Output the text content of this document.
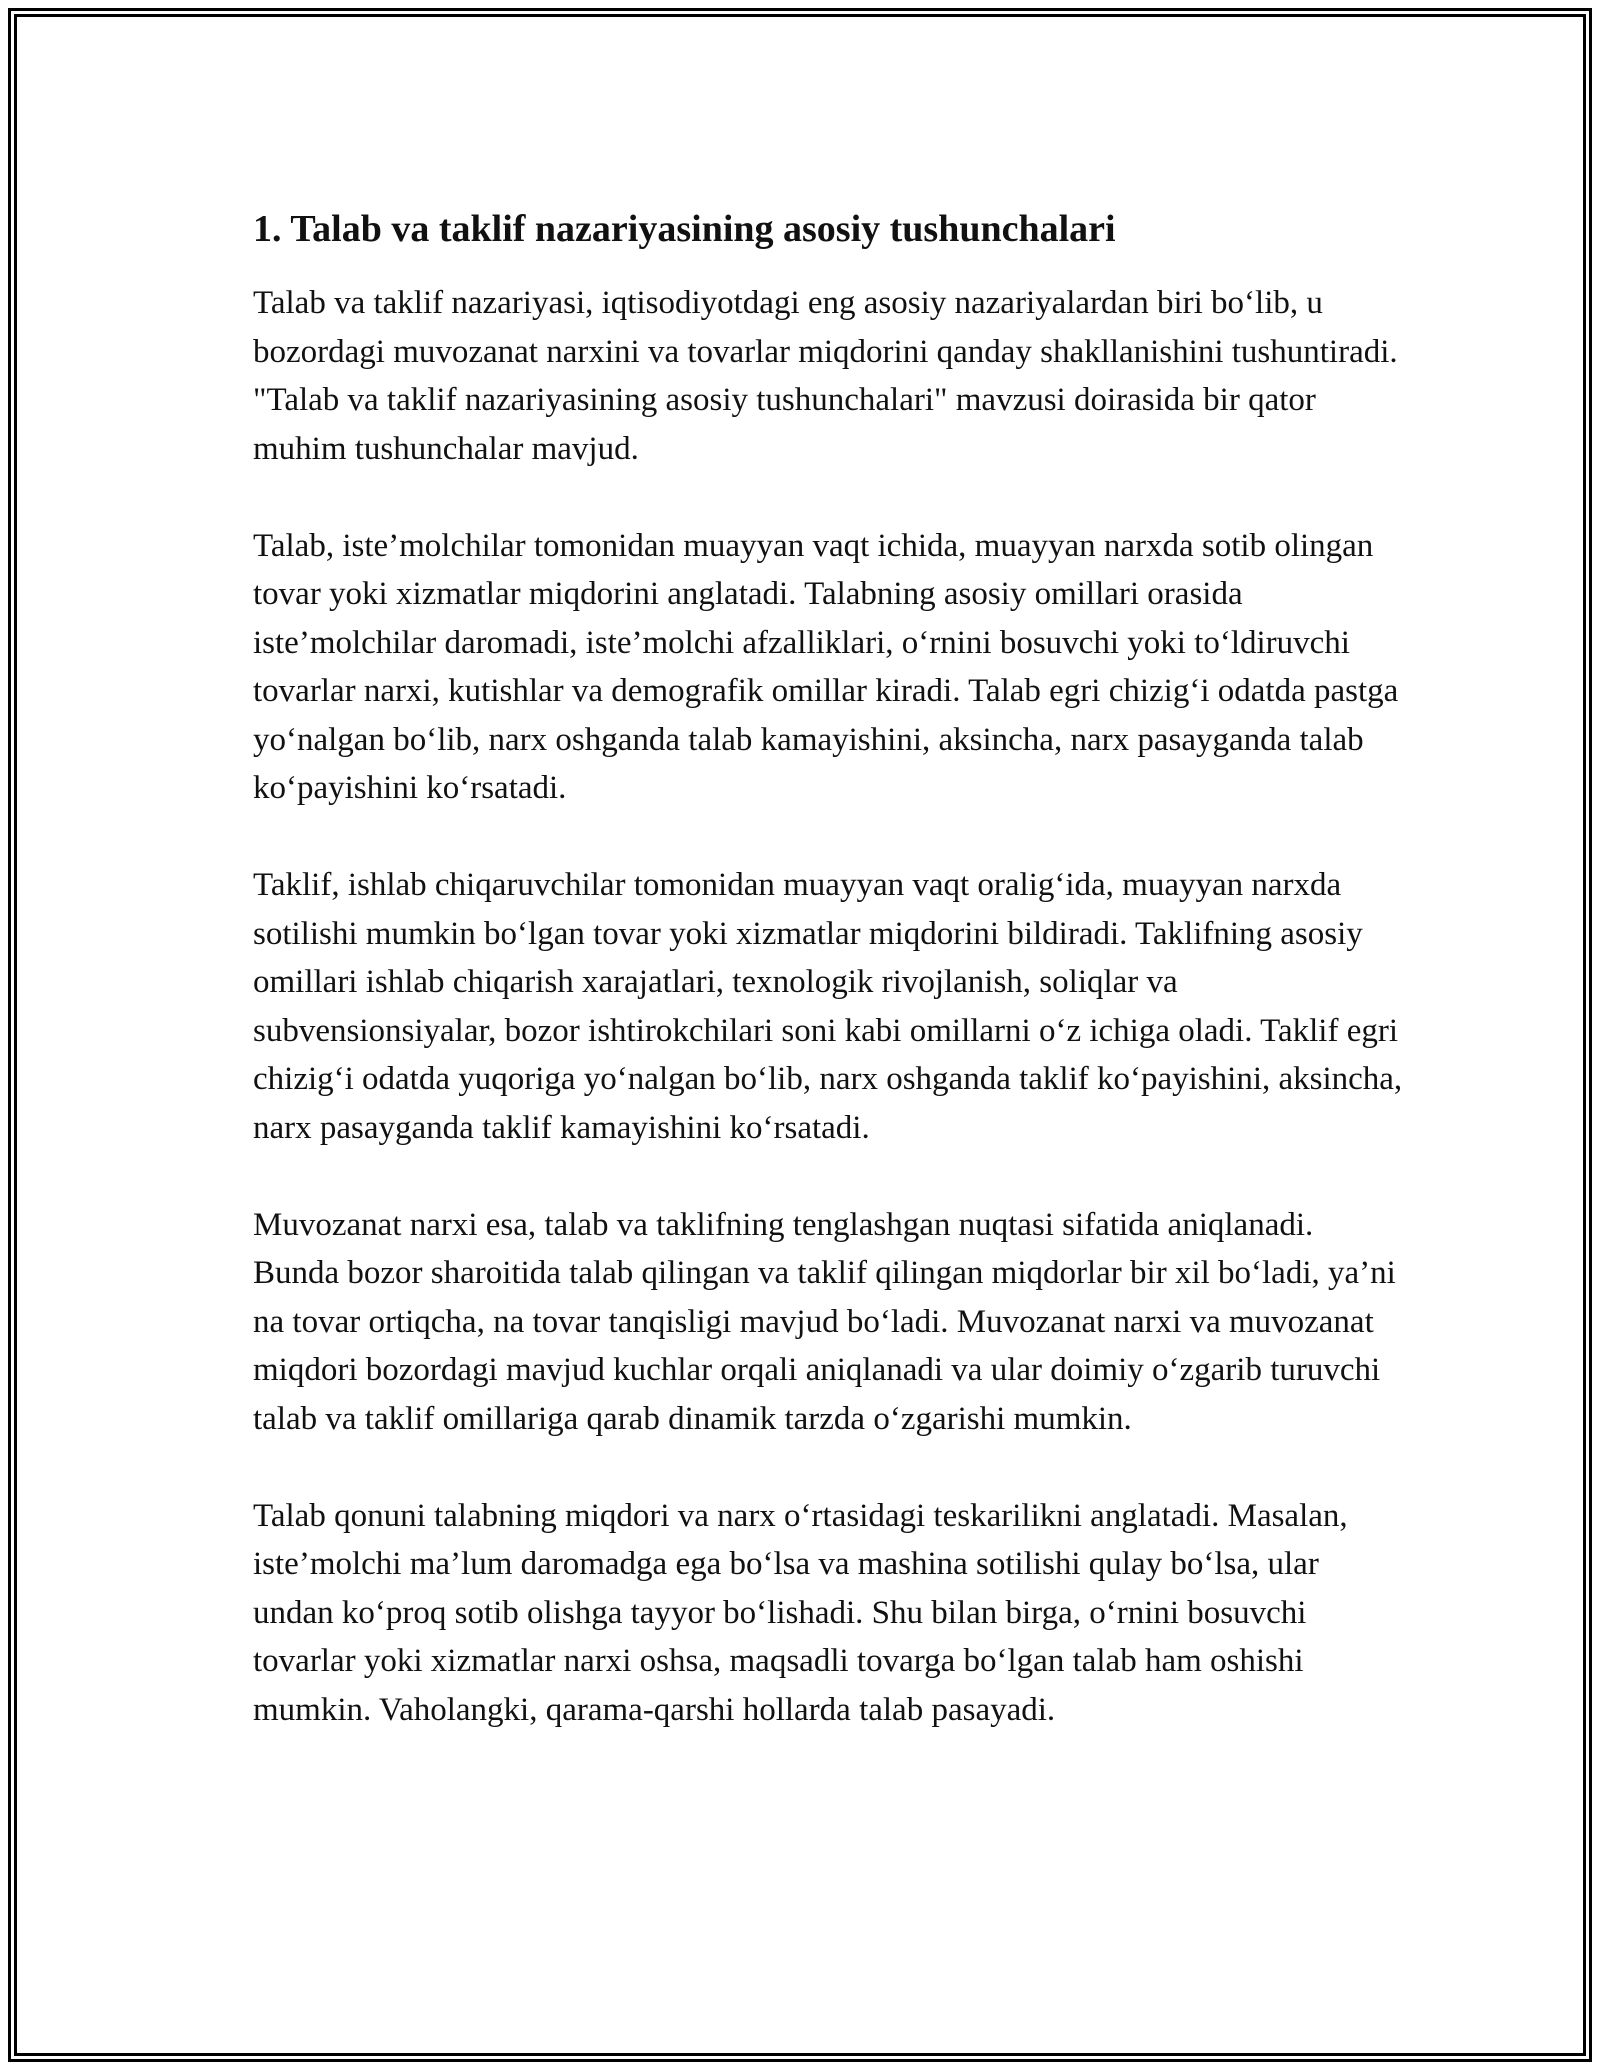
1. Talab va taklif nazariyasining asosiy tushunchalari

Talab va taklif nazariyasi, iqtisodiyotdagi eng asosiy nazariyalardan biri bo‘lib, u bozordagi muvozanat narxini va tovarlar miqdorini qanday shakllanishini tushuntiradi. "Talab va taklif nazariyasining asosiy tushunchalari" mavzusi doirasida bir qator muhim tushunchalar mavjud.

Talab, iste’molchilar tomonidan muayyan vaqt ichida, muayyan narxda sotib olingan tovar yoki xizmatlar miqdorini anglatadi. Talabning asosiy omillari orasida iste’molchilar daromadi, iste’molchi afzalliklari, o‘rnini bosuvchi yoki to‘ldiruvchi tovarlar narxi, kutishlar va demografik omillar kiradi. Talab egri chizig‘i odatda pastga yo‘nalgan bo‘lib, narx oshganda talab kamayishini, aksincha, narx pasayganda talab ko‘payishini ko‘rsatadi.

Taklif, ishlab chiqaruvchilar tomonidan muayyan vaqt oralig‘ida, muayyan narxda sotilishi mumkin bo‘lgan tovar yoki xizmatlar miqdorini bildiradi. Taklifning asosiy omillari ishlab chiqarish xarajatlari, texnologik rivojlanish, soliqlar va subvensionsiyalar, bozor ishtirokchilari soni kabi omillarni o‘z ichiga oladi. Taklif egri chizig‘i odatda yuqoriga yo‘nalgan bo‘lib, narx oshganda taklif ko‘payishini, aksincha, narx pasayganda taklif kamayishini ko‘rsatadi.

Muvozanat narxi esa, talab va taklifning tenglashgan nuqtasi sifatida aniqlanadi. Bunda bozor sharoitida talab qilingan va taklif qilingan miqdorlar bir xil bo‘ladi, ya’ni na tovar ortiqcha, na tovar tanqisligi mavjud bo‘ladi. Muvozanat narxi va muvozanat miqdori bozordagi mavjud kuchlar orqali aniqlanadi va ular doimiy o‘zgarib turuvchi talab va taklif omillariga qarab dinamik tarzda o‘zgarishi mumkin.

Talab qonuni talabning miqdori va narx o‘rtasidagi teskarilikni anglatadi. Masalan, iste’molchi ma’lum daromadga ega bo‘lsa va mashina sotilishi qulay bo‘lsa, ular undan ko‘proq sotib olishga tayyor bo‘lishadi. Shu bilan birga, o‘rnini bosuvchi tovarlar yoki xizmatlar narxi oshsa, maqsadli tovarga bo‘lgan talab ham oshishi mumkin. Vaholangki, qarama-qarshi hollarda talab pasayadi.
